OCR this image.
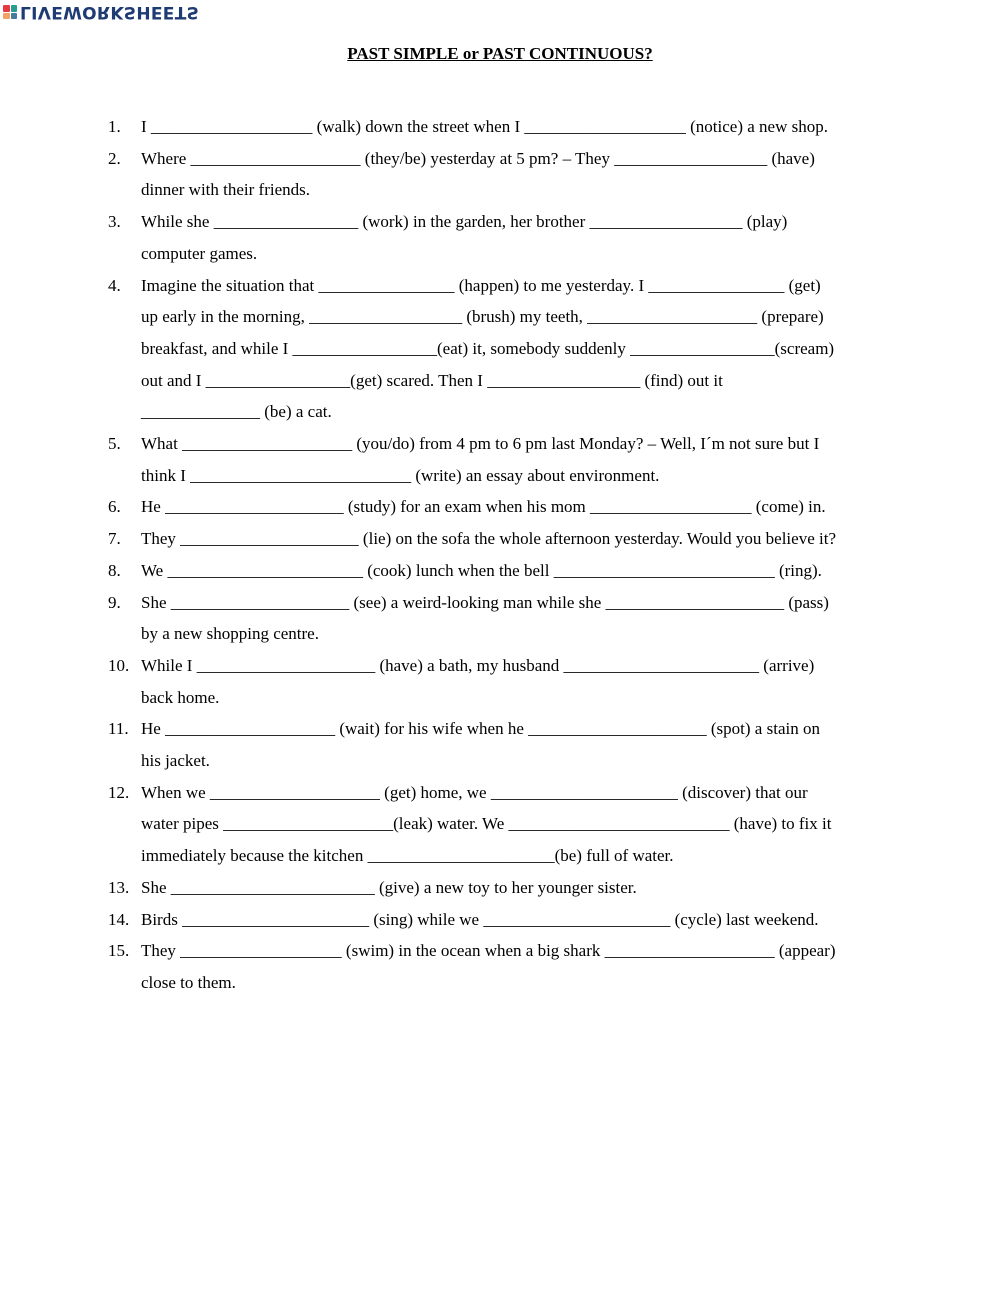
LIVEWORKSHEETS
PAST SIMPLE or PAST CONTINUOUS?
1.	I ___________________ (walk) down the street when I ___________________ (notice) a new shop.
2.	Where ____________________ (they/be) yesterday at 5 pm? – They __________________ (have)
dinner with their friends.
3.	While she _________________ (work) in the garden, her brother __________________ (play)
computer games.
4.	Imagine the situation that ________________ (happen) to me yesterday. I ________________ (get)
up early in the morning, __________________ (brush) my teeth, ____________________ (prepare)
breakfast, and while I _________________(eat) it, somebody suddenly _________________(scream)
out and I _________________(get) scared. Then I __________________ (find) out it
______________ (be) a cat.
5.	What ____________________ (you/do) from 4 pm to 6 pm last Monday? – Well, I´m not sure but I
think I __________________________ (write) an essay about environment.
6.	He _____________________ (study) for an exam when his mom ___________________ (come) in.
7.	They _____________________ (lie) on the sofa the whole afternoon yesterday. Would you believe it?
8.	We _______________________ (cook) lunch when the bell __________________________ (ring).
9.	She _____________________ (see) a weird-looking man while she _____________________ (pass)
by a new shopping centre.
10. While I _____________________ (have) a bath, my husband _______________________ (arrive)
back home.
11. He ____________________ (wait) for his wife when he _____________________ (spot) a stain on
his jacket.
12. When we ____________________ (get) home, we ______________________ (discover) that our
water pipes ____________________(leak) water. We __________________________ (have) to fix it
immediately because the kitchen ______________________(be) full of water.
13. She ________________________ (give) a new toy to her younger sister.
14. Birds ______________________ (sing) while we ______________________ (cycle) last weekend.
15. They ___________________ (swim) in the ocean when a big shark ____________________ (appear)
close to them.
